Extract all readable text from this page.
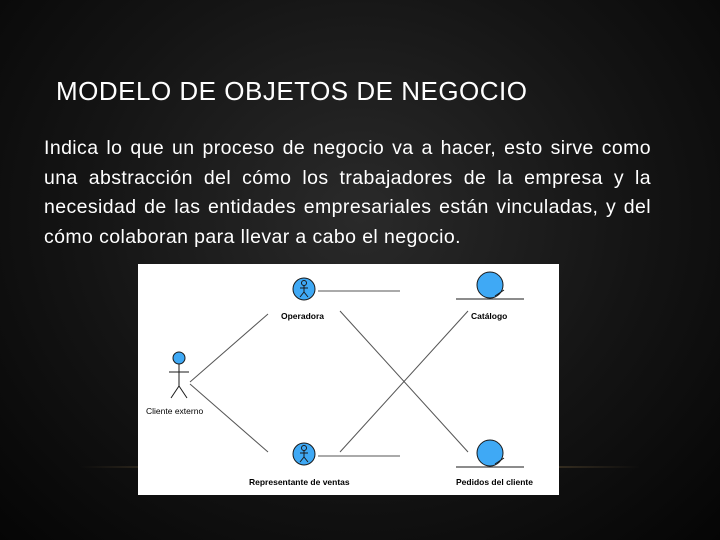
MODELO DE OBJETOS DE NEGOCIO
Indica lo que un proceso de negocio va a hacer, esto sirve como una abstracción del cómo los trabajadores de la empresa y la necesidad de las entidades empresariales están vinculadas, y del cómo colaboran para llevar a cabo el negocio.
Cliente externo
Operadora
Representante de ventas
Catálogo
Pedidos del cliente
